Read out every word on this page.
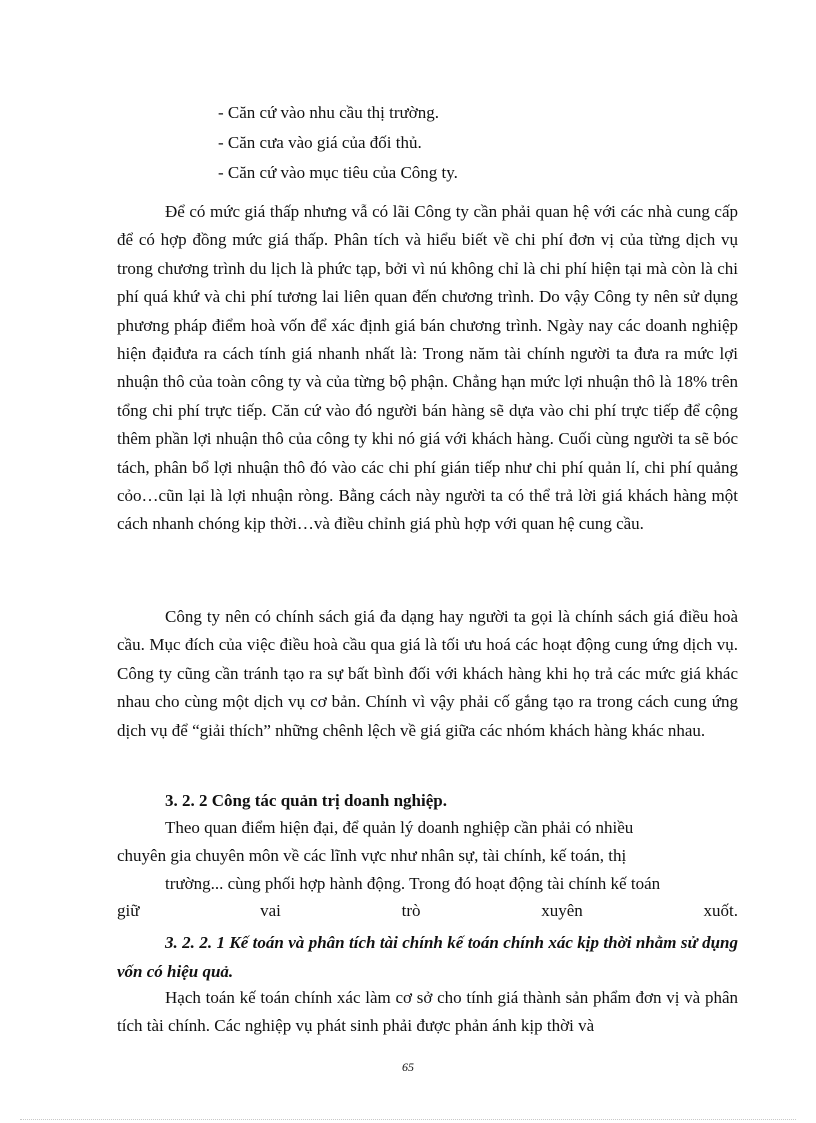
- Căn cứ vào nhu cầu thị trường.
- Căn cưa vào giá của đối thủ.
- Căn cứ vào mục tiêu của Công ty.

Để có mức giá thấp nhưng vẫ có lãi Công ty cần phải quan hệ với các nhà cung cấp để có hợp đồng mức giá thấp. Phân tích và hiểu biết về chi phí đơn vị của từng dịch vụ trong chương trình du lịch là phức tạp, bởi vì nú không chỉ là chi phí hiện tại mà còn là chi phí quá khứ và chi phí tương lai liên quan đến chương trình. Do vậy Công ty nên sử dụng phương pháp điểm hoà vốn để xác định giá bán chương trình. Ngày nay các doanh nghiệp hiện đạiđưa ra cách tính giá nhanh nhất là: Trong năm tài chính người ta đưa ra mức lợi nhuận thô của toàn công ty và của từng bộ phận. Chẳng hạn mức lợi nhuận thô là 18% trên tổng chi phí trực tiếp. Căn cứ vào đó người bán hàng sẽ dựa vào chi phí trực tiếp để cộng thêm phần lợi nhuận thô của công ty khi nó giá với khách hàng. Cuối cùng người ta sẽ bóc tách, phân bổ lợi nhuận thô đó vào các chi phí gián tiếp như chi phí quản lí, chi phí quảng cỏo…cũn lại là lợi nhuận ròng. Bằng cách này người ta có thể trả lời giá khách hàng một cách nhanh chóng kịp thời…và điều chỉnh giá phù hợp với quan hệ cung cầu.

Công ty nên có chính sách giá đa dạng hay người ta gọi là chính sách giá điều hoà cầu. Mục đích của việc điều hoà cầu qua giá là tối ưu hoá các hoạt động cung ứng dịch vụ. Công ty cũng cần tránh tạo ra sự bất bình đối với khách hàng khi họ trả các mức giá khác nhau cho cùng một dịch vụ cơ bản. Chính vì vậy phải cố gắng tạo ra trong cách cung ứng dịch vụ để “giải thích” những chênh lệch về giá giữa các nhóm khách hàng khác nhau.

3. 2. 2 Công tác quản trị doanh nghiệp.
Theo quan điểm hiện đại, để quản lý doanh nghiệp cần phải có nhiều
chuyên gia chuyên môn về các lĩnh vực như nhân sự, tài chính, kế toán, thị
trường... cùng phối hợp hành động. Trong đó hoạt động tài chính kế toán
giữ	vai	trò	xuyên	xuốt.
3. 2. 2. 1 Kế toán và phân tích tài chính kế toán chính xác kịp thời nhằm sử dụng vốn có hiệu quả.

Hạch toán kế toán chính xác làm cơ sở cho tính giá thành sản phẩm đơn vị và phân tích tài chính. Các nghiệp vụ phát sinh phải được phản ánh kịp thời và

65
